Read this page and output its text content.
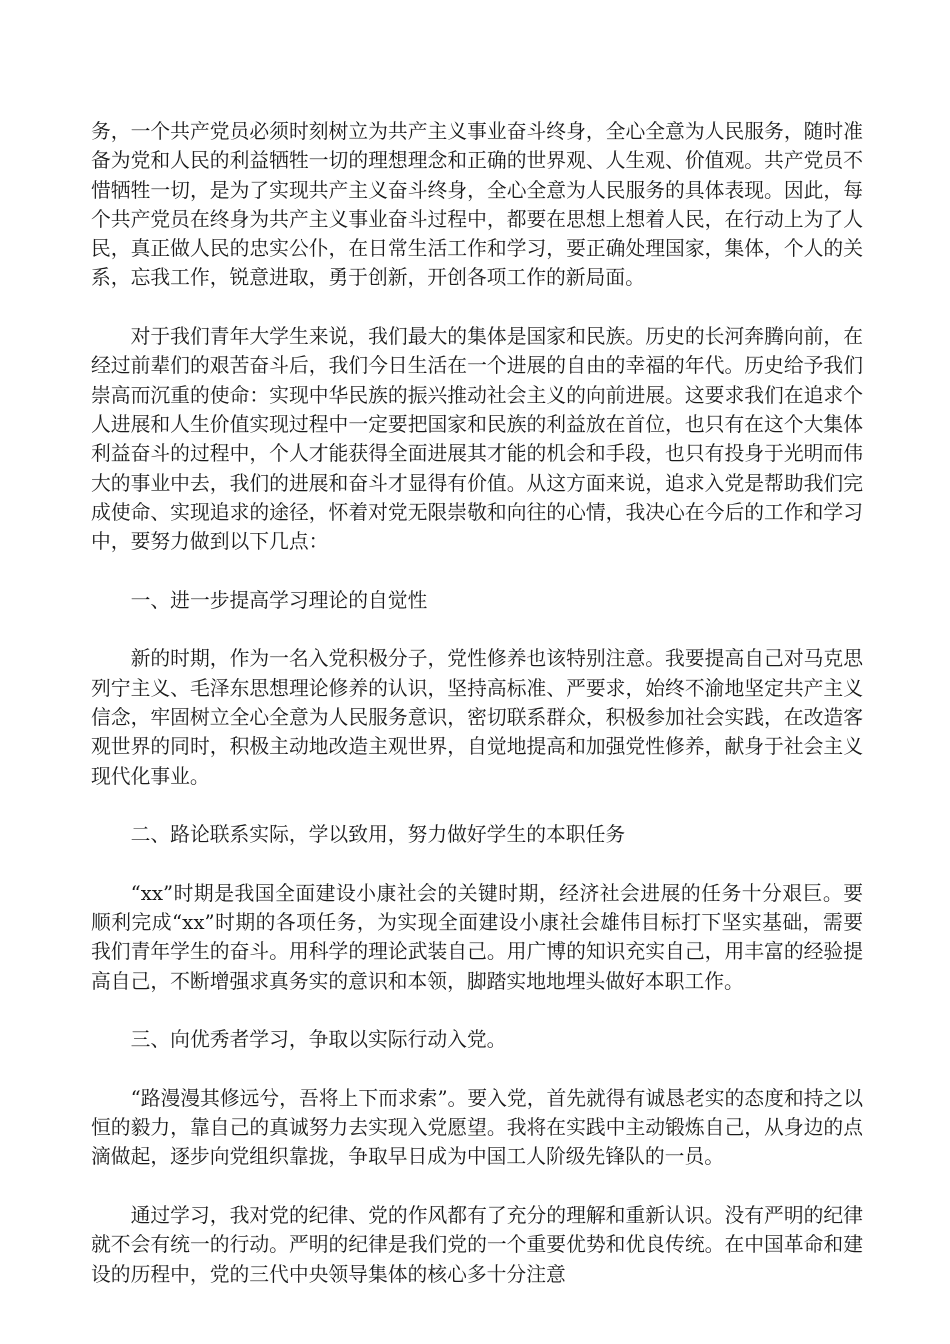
务，一个共产党员必须时刻树立为共产主义事业奋斗终身，全心全意为人民服务，随时准备为党和人民的利益牺牲一切的理想理念和正确的世界观、人生观、价值观。共产党员不惜牺牲一切，是为了实现共产主义奋斗终身，全心全意为人民服务的具体表现。因此，每个共产党员在终身为共产主义事业奋斗过程中，都要在思想上想着人民，在行动上为了人民，真正做人民的忠实公仆，在日常生活工作和学习，要正确处理国家，集体，个人的关系，忘我工作，锐意进取，勇于创新，开创各项工作的新局面。

对于我们青年大学生来说，我们最大的集体是国家和民族。历史的长河奔腾向前，在经过前辈们的艰苦奋斗后，我们今日生活在一个进展的自由的幸福的年代。历史给予我们崇高而沉重的使命：实现中华民族的振兴推动社会主义的向前进展。这要求我们在追求个人进展和人生价值实现过程中一定要把国家和民族的利益放在首位，也只有在这个大集体利益奋斗的过程中，个人才能获得全面进展其才能的机会和手段，也只有投身于光明而伟大的事业中去，我们的进展和奋斗才显得有价值。从这方面来说，追求入党是帮助我们完成使命、实现追求的途径，怀着对党无限崇敬和向往的心情，我决心在今后的工作和学习中，要努力做到以下几点：

一、进一步提高学习理论的自觉性

新的时期，作为一名入党积极分子，党性修养也该特别注意。我要提高自己对马克思列宁主义、毛泽东思想理论修养的认识，坚持高标准、严要求，始终不渝地坚定共产主义信念，牢固树立全心全意为人民服务意识，密切联系群众，积极参加社会实践，在改造客观世界的同时，积极主动地改造主观世界，自觉地提高和加强党性修养，献身于社会主义现代化事业。

二、路论联系实际，学以致用，努力做好学生的本职任务

“xx”时期是我国全面建设小康社会的关键时期，经济社会进展的任务十分艰巨。要顺利完成“xx”时期的各项任务，为实现全面建设小康社会雄伟目标打下坚实基础，需要我们青年学生的奋斗。用科学的理论武装自己。用广博的知识充实自己，用丰富的经验提高自己，不断增强求真务实的意识和本领，脚踏实地地埋头做好本职工作。

三、向优秀者学习，争取以实际行动入党。

“路漫漫其修远兮，吾将上下而求索”。要入党，首先就得有诚恳老实的态度和持之以恒的毅力，靠自己的真诚努力去实现入党愿望。我将在实践中主动锻炼自己，从身边的点滴做起，逐步向党组织靠拢，争取早日成为中国工人阶级先锋队的一员。

通过学习，我对党的纪律、党的作风都有了充分的理解和重新认识。没有严明的纪律就不会有统一的行动。严明的纪律是我们党的一个重要优势和优良传统。在中国革命和建设的历程中，党的三代中央领导集体的核心多十分注意
